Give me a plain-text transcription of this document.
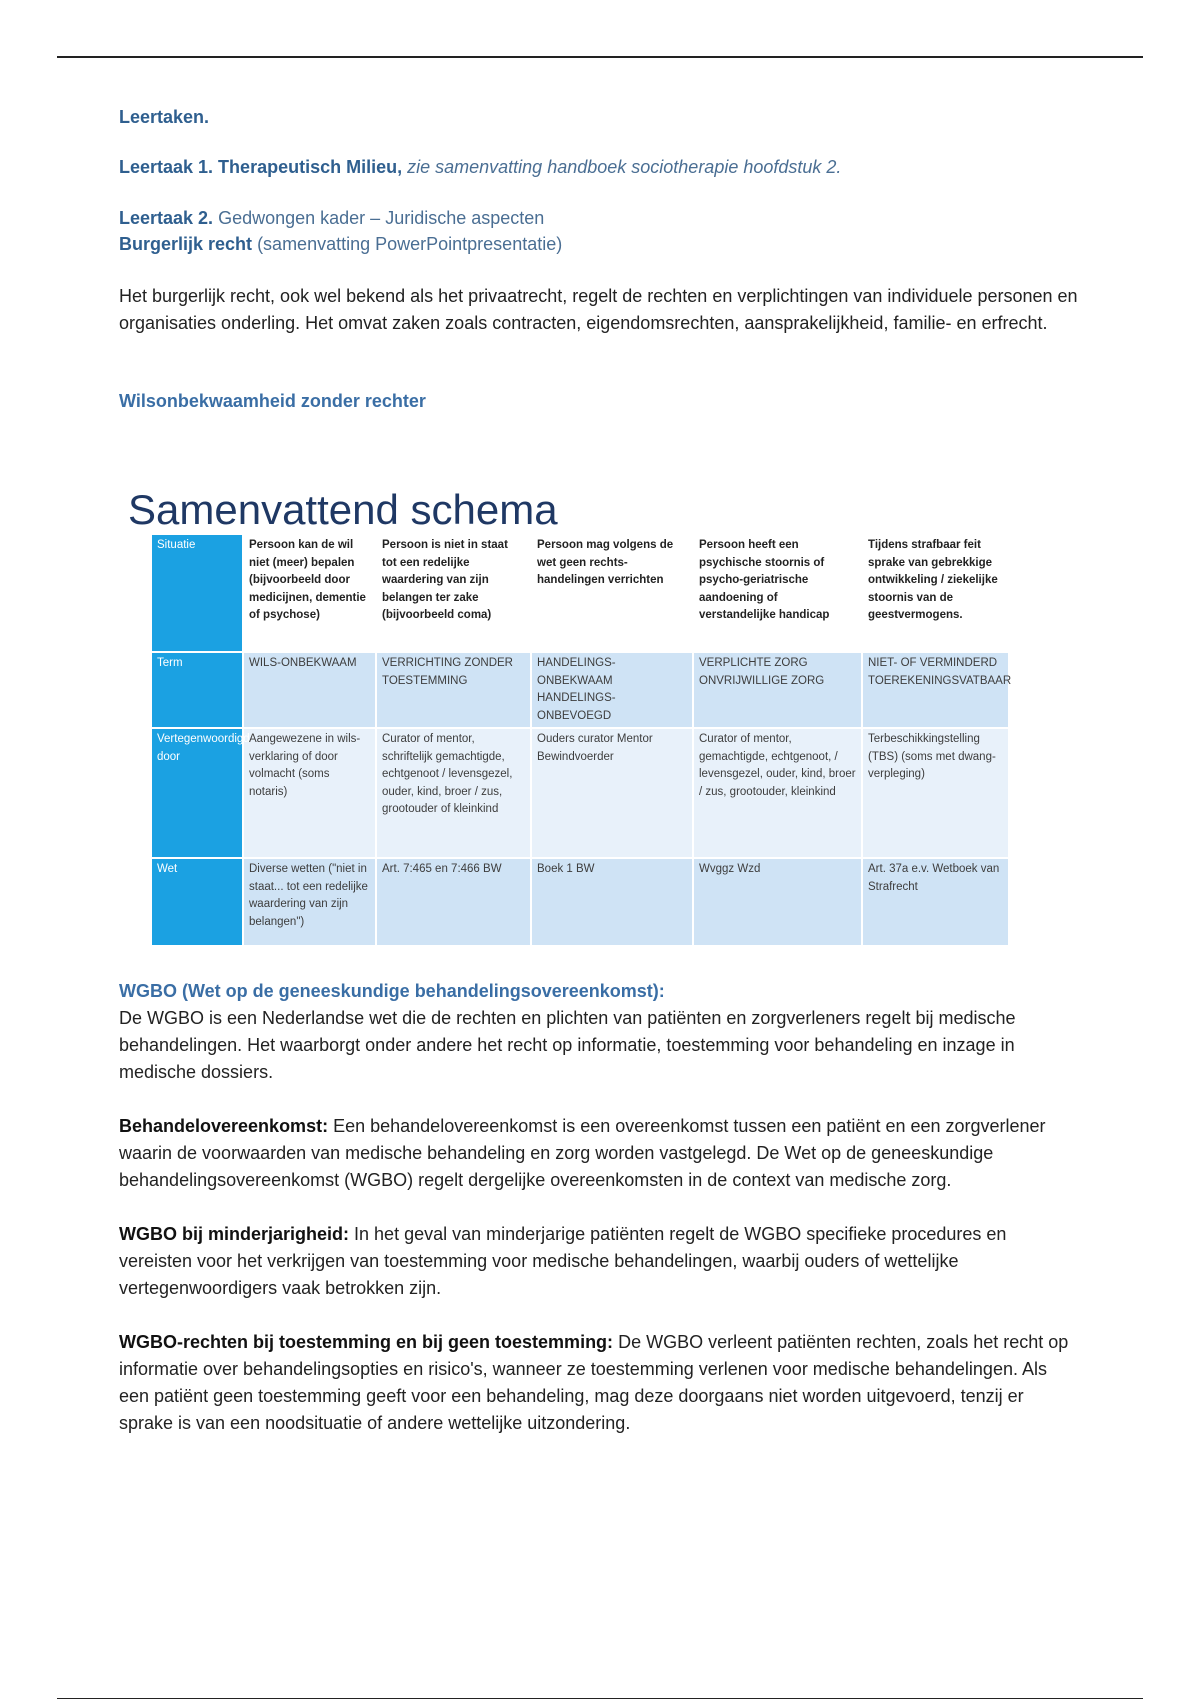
Leertaken.
Leertaak 1. Therapeutisch Milieu, zie samenvatting handboek sociotherapie hoofdstuk 2.
Leertaak 2. Gedwongen kader – Juridische aspecten
Burgerlijk recht (samenvatting PowerPointpresentatie)
Het burgerlijk recht, ook wel bekend als het privaatrecht, regelt de rechten en verplichtingen van individuele personen en organisaties onderling. Het omvat zaken zoals contracten, eigendomsrechten, aansprakelijkheid, familie- en erfrecht.
Wilsonbekwaamheid zonder rechter
Samenvattend schema
Situatie	Persoon kan de wil niet (meer) bepalen (bijvoorbeeld door medicijnen, dementie of psychose)	Persoon is niet in staat tot een redelijke waardering van zijn belangen ter zake (bijvoorbeeld coma)	Persoon mag volgens de wet geen rechts-handelingen verrichten	Persoon heeft een psychische stoornis of psycho-geriatrische aandoening of verstandelijke handicap	Tijdens strafbaar feit sprake van gebrekkige ontwikkeling / ziekelijke stoornis van de geestvermogens.
Term	WILS-ONBEKWAAM	VERRICHTING ZONDER TOESTEMMING	HANDELINGS-ONBEKWAAM HANDELINGS-ONBEVOEGD	VERPLICHTE ZORG ONVRIJWILLIGE ZORG	NIET- OF VERMINDERD TOEREKENINGSVATBAAR
Vertegenwoordigd door	Aangewezene in wils-verklaring of door volmacht (soms notaris)	Curator of mentor, schriftelijk gemachtigde, echtgenoot / levensgezel, ouder, kind, broer / zus, grootouder of kleinkind	Ouders curator Mentor Bewindvoerder	Curator of mentor, gemachtigde, echtgenoot, / levensgezel, ouder, kind, broer / zus, grootouder, kleinkind	Terbeschikkingstelling (TBS) (soms met dwang-verpleging)
Wet	Diverse wetten ("niet in staat... tot een redelijke waardering van zijn belangen")	Art. 7:465 en 7:466 BW	Boek 1 BW	Wvggz Wzd	Art. 37a e.v. Wetboek van Strafrecht
WGBO (Wet op de geneeskundige behandelingsovereenkomst):
De WGBO is een Nederlandse wet die de rechten en plichten van patiënten en zorgverleners regelt bij medische behandelingen. Het waarborgt onder andere het recht op informatie, toestemming voor behandeling en inzage in medische dossiers.
Behandelovereenkomst: Een behandelovereenkomst is een overeenkomst tussen een patiënt en een zorgverlener waarin de voorwaarden van medische behandeling en zorg worden vastgelegd. De Wet op de geneeskundige behandelingsovereenkomst (WGBO) regelt dergelijke overeenkomsten in de context van medische zorg.
WGBO bij minderjarigheid: In het geval van minderjarige patiënten regelt de WGBO specifieke procedures en vereisten voor het verkrijgen van toestemming voor medische behandelingen, waarbij ouders of wettelijke vertegenwoordigers vaak betrokken zijn.
WGBO-rechten bij toestemming en bij geen toestemming: De WGBO verleent patiënten rechten, zoals het recht op informatie over behandelingsopties en risico's, wanneer ze toestemming verlenen voor medische behandelingen. Als een patiënt geen toestemming geeft voor een behandeling, mag deze doorgaans niet worden uitgevoerd, tenzij er sprake is van een noodsituatie of andere wettelijke uitzondering.
